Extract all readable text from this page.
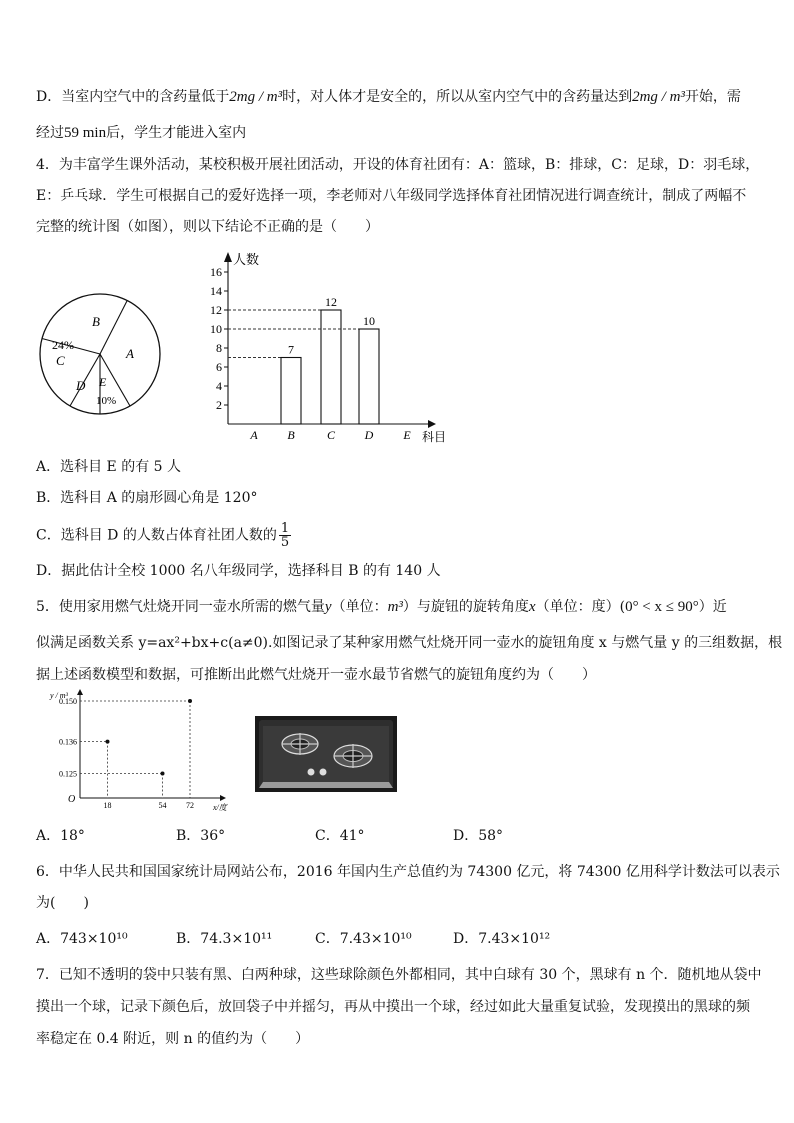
D．当室内空气中的含药量低于2mg / m³时，对人体才是安全的，所以从室内空气中的含药量达到2mg / m³开始，需
经过59 min后，学生才能进入室内
4．为丰富学生课外活动，某校积极开展社团活动，开设的体育社团有：A：篮球，B：排球，C：足球，D：羽毛球，
E：乒乓球．学生可根据自己的爱好选择一项，李老师对八年级同学选择体育社团情况进行调查统计，制成了两幅不
完整的统计图（如图），则以下结论不正确的是（　　）
B
A
24%
C
D E
10%
人数
科目
2
4
6
8
10
12
14
16
A B	C D E
7
12
10
A．选科目 E 的有 5 人
B．选科目 A 的扇形圆心角是 120°
C．选科目 D 的人数占体育社团人数的 $\frac{1}{5}$
D．据此估计全校 1000 名八年级同学，选择科目 B 的有 140 人
5．使用家用燃气灶烧开同一壶水所需的燃气量y（单位：m³）与旋钮的旋转角度x（单位：度）(0° < x ≤ 90°）近
似满足函数关系 y=ax²+bx+c(a≠0).如图记录了某种家用燃气灶烧开同一壶水的旋钮角度 x 与燃气量 y 的三组数据，根
据上述函数模型和数据，可推断出此燃气灶烧开一壶水最节省燃气的旋钮角度约为（　　）
y / m³
x/度
O
18	54 72
0.150
0.136
0.125
A．18°	B．36°	C．41°	D．58°
6．中华人民共和国国家统计局网站公布，2016 年国内生产总值约为 74300 亿元，将 74300 亿用科学计数法可以表示
为(　　)
A．743×10¹⁰	B．74.3×10¹¹	C．7.43×10¹⁰	D．7.43×10¹²
7．已知不透明的袋中只装有黑、白两种球，这些球除颜色外都相同，其中白球有 30 个，黑球有 n 个．随机地从袋中
摸出一个球，记录下颜色后，放回袋子中并摇匀，再从中摸出一个球，经过如此大量重复试验，发现摸出的黑球的频
率稳定在 0.4 附近，则 n 的值约为（　　）
